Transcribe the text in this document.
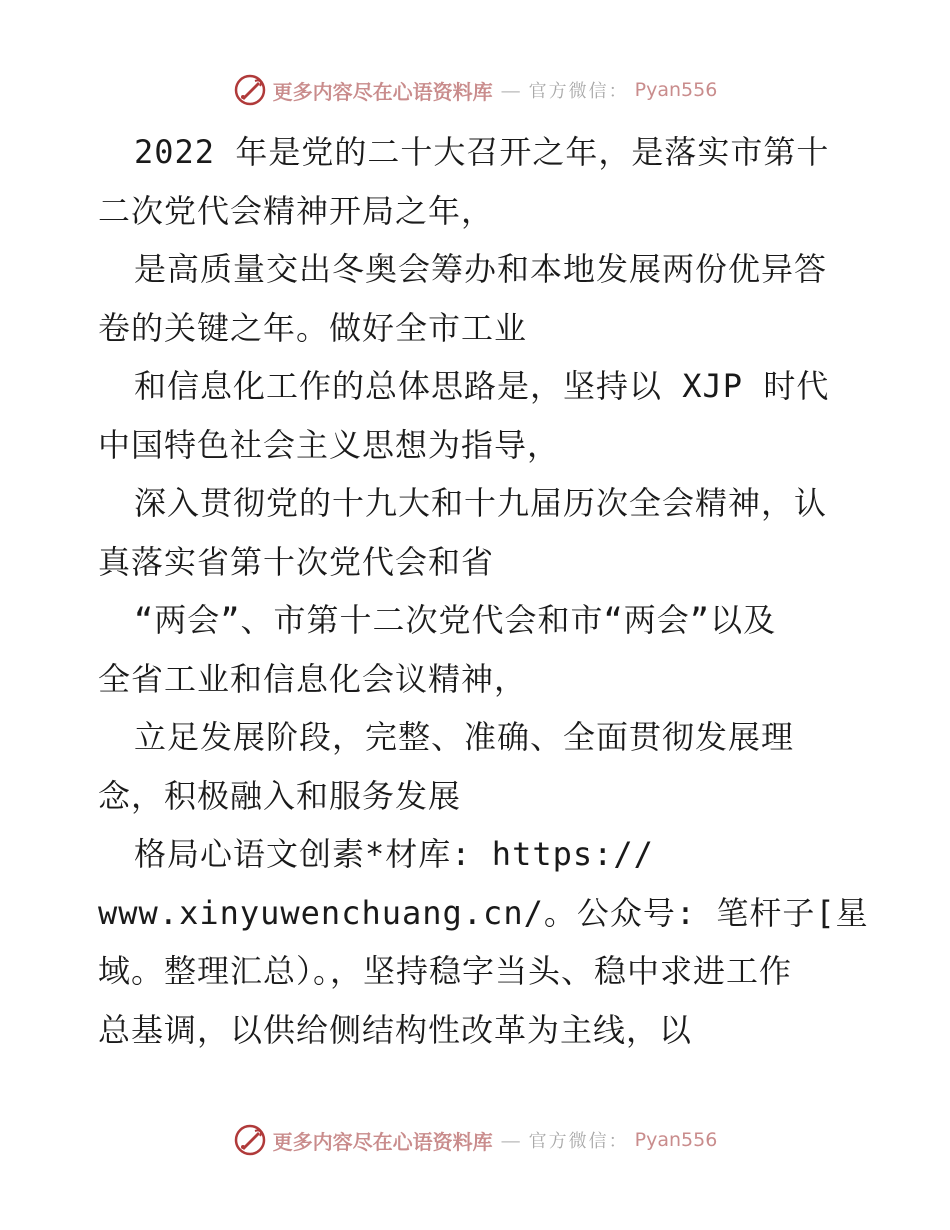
更多内容尽在心语资料库 — 官方微信： Pyan556
2022 年是党的二十大召开之年，是落实市第十
二次党代会精神开局之年，
是高质量交出冬奥会筹办和本地发展两份优异答
卷的关键之年。做好全市工业
和信息化工作的总体思路是，坚持以 XJP 时代
中国特色社会主义思想为指导，
深入贯彻党的十九大和十九届历次全会精神，认
真落实省第十次党代会和省
“两会”、市第十二次党代会和市“两会”以及
全省工业和信息化会议精神，
立足发展阶段，完整、准确、全面贯彻发展理
念，积极融入和服务发展
格局心语文创素*材库: https://
www.xinyuwenchuang.cn/。公众号: 笔杆子[星
域。整理汇总）。，坚持稳字当头、稳中求进工作
总基调，以供给侧结构性改革为主线，以
更多内容尽在心语资料库 — 官方微信： Pyan556
